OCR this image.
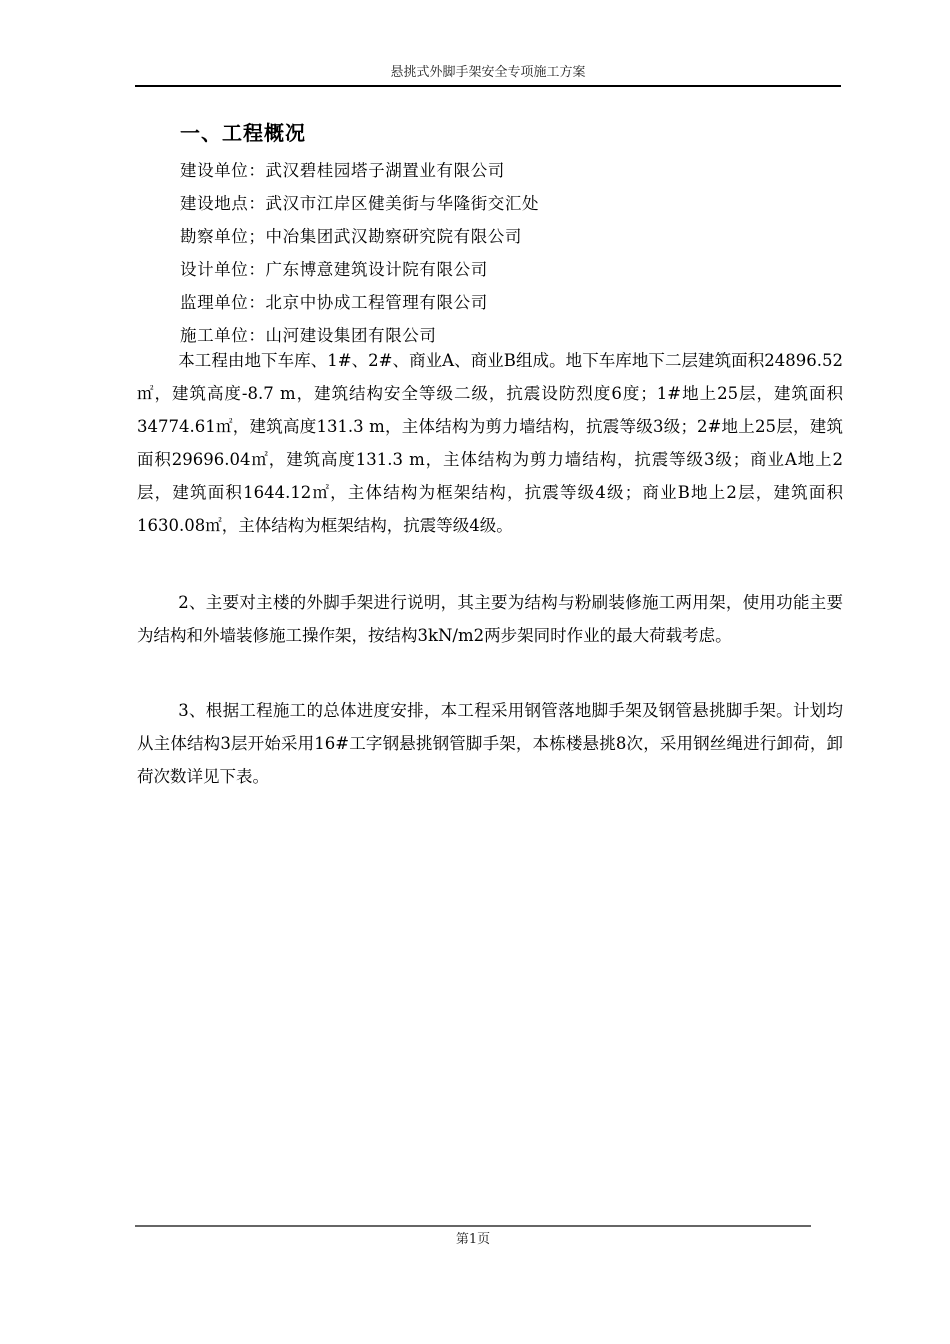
悬挑式外脚手架安全专项施工方案
一、工程概况
建设单位：武汉碧桂园塔子湖置业有限公司
建设地点：武汉市江岸区健美街与华隆街交汇处
勘察单位；中冶集团武汉勘察研究院有限公司
设计单位：广东博意建筑设计院有限公司
监理单位：北京中协成工程管理有限公司
施工单位：山河建设集团有限公司

本工程由地下车库、1#、2#、商业A、商业B组成。地下车库地下二层建筑面积24896.52㎡，建筑高度-8.7 m，建筑结构安全等级二级，抗震设防烈度6度；1#地上25层，建筑面积34774.61㎡，建筑高度131.3 m，主体结构为剪力墙结构，抗震等级3级；2#地上25层，建筑面积29696.04㎡，建筑高度131.3 m，主体结构为剪力墙结构，抗震等级3级；商业A地上2层，建筑面积1644.12㎡，主体结构为框架结构，抗震等级4级；商业B地上2层，建筑面积1630.08㎡，主体结构为框架结构，抗震等级4级。

2、主要对主楼的外脚手架进行说明，其主要为结构与粉刷装修施工两用架，使用功能主要为结构和外墙装修施工操作架，按结构3kN/m2两步架同时作业的最大荷载考虑。

3、根据工程施工的总体进度安排，本工程采用钢管落地脚手架及钢管悬挑脚手架。计划均从主体结构3层开始采用16#工字钢悬挑钢管脚手架，本栋楼悬挑8次，采用钢丝绳进行卸荷，卸荷次数详见下表。

第1页
